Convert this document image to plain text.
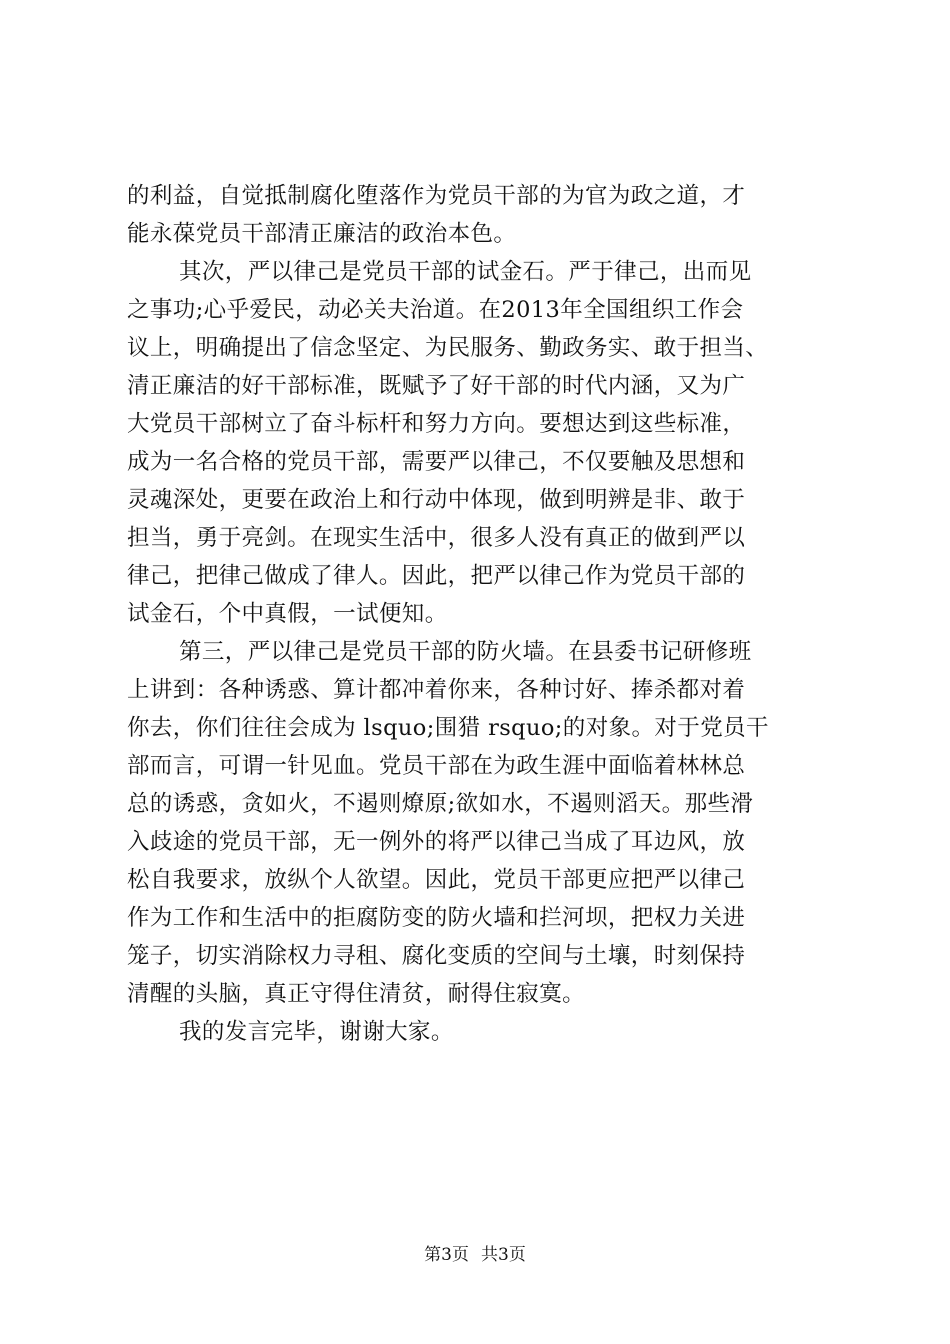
的利益，自觉抵制腐化堕落作为党员干部的为官为政之道，才
能永葆党员干部清正廉洁的政治本色。
其次，严以律己是党员干部的试金石。严于律己，出而见
之事功;心乎爱民，动必关夫治道。在2013年全国组织工作会
议上，明确提出了信念坚定、为民服务、勤政务实、敢于担当、
清正廉洁的好干部标准，既赋予了好干部的时代内涵，又为广
大党员干部树立了奋斗标杆和努力方向。要想达到这些标准，
成为一名合格的党员干部，需要严以律己，不仅要触及思想和
灵魂深处，更要在政治上和行动中体现，做到明辨是非、敢于
担当，勇于亮剑。在现实生活中，很多人没有真正的做到严以
律己，把律己做成了律人。因此，把严以律己作为党员干部的
试金石，个中真假，一试便知。
第三，严以律己是党员干部的防火墙。在县委书记研修班
上讲到：各种诱惑、算计都冲着你来，各种讨好、捧杀都对着
你去，你们往往会成为 lsquo;围猎 rsquo;的对象。对于党员干
部而言，可谓一针见血。党员干部在为政生涯中面临着林林总
总的诱惑，贪如火，不遏则燎原;欲如水，不遏则滔天。那些滑
入歧途的党员干部，无一例外的将严以律己当成了耳边风，放
松自我要求，放纵个人欲望。因此，党员干部更应把严以律己
作为工作和生活中的拒腐防变的防火墙和拦河坝，把权力关进
笼子，切实消除权力寻租、腐化变质的空间与土壤，时刻保持
清醒的头脑，真正守得住清贫，耐得住寂寞。
我的发言完毕，谢谢大家。
第3页 共3页
